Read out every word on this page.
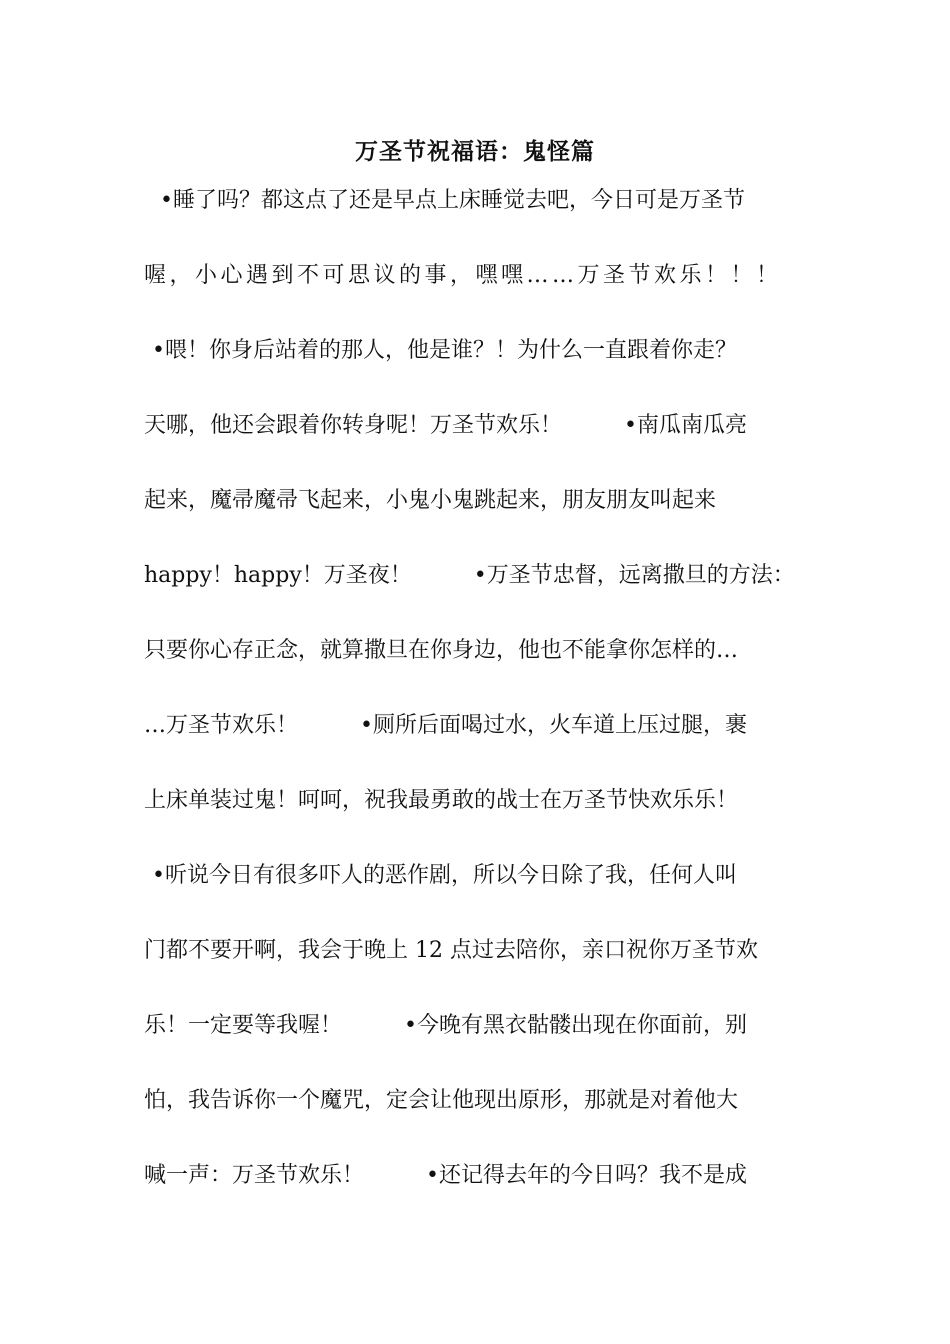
万圣节祝福语：鬼怪篇
•睡了吗？都这点了还是早点上床睡觉去吧，今日可是万圣节
喔，小心遇到不可思议的事，嘿嘿……万圣节欢乐！！！
•喂！你身后站着的那人，他是谁？！为什么一直跟着你走？
天哪，他还会跟着你转身呢！万圣节欢乐！	•南瓜南瓜亮
起来，魔帚魔帚飞起来，小鬼小鬼跳起来，朋友朋友叫起来
happy！happy！万圣夜！	•万圣节忠督，远离撒旦的方法：
只要你心存正念，就算撒旦在你身边，他也不能拿你怎样的…
…万圣节欢乐！	•厕所后面喝过水，火车道上压过腿，裹
上床单装过鬼！呵呵，祝我最勇敢的战士在万圣节快欢乐乐！
•听说今日有很多吓人的恶作剧，所以今日除了我，任何人叫
门都不要开啊，我会于晚上 12 点过去陪你，亲口祝你万圣节欢
乐！一定要等我喔！	•今晚有黑衣骷髅出现在你面前，别
怕，我告诉你一个魔咒，定会让他现出原形，那就是对着他大
喊一声：万圣节欢乐！	•还记得去年的今日吗？我不是成
